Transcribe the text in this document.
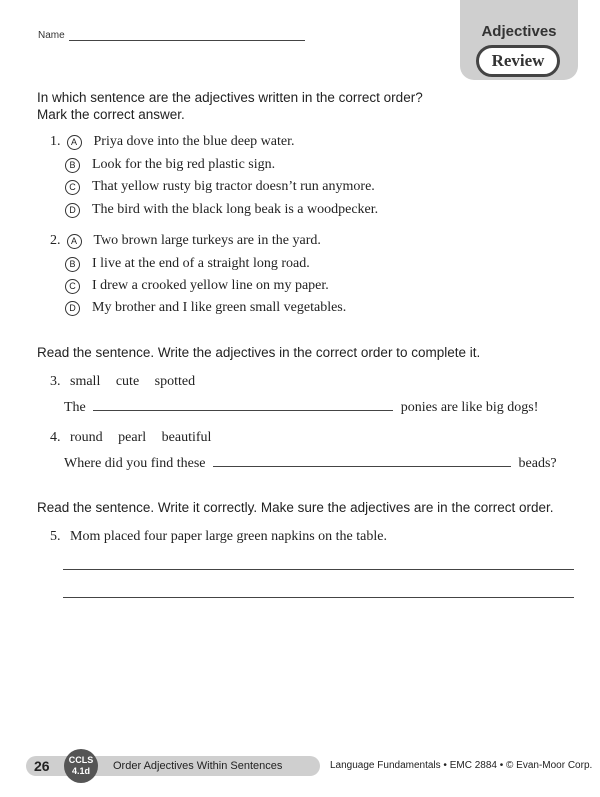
Name	Adjectives
Review
In which sentence are the adjectives written in the correct order?
Mark the correct answer.
1.	A	Priya dove into the blue deep water.
B	Look for the big red plastic sign.
C	That yellow rusty big tractor doesn’t run anymore.
D	The bird with the black long beak is a woodpecker.
2.	A	Two brown large turkeys are in the yard.
B	I live at the end of a straight long road.
C	I drew a crooked yellow line on my paper.
D	My brother and I like green small vegetables.
Read the sentence. Write the adjectives in the correct order to complete it.
3. small cute spotted
The	ponies are like big dogs!
4. round pearl beautiful
Where did you find these	beads?
Read the sentence. Write it correctly. Make sure the adjectives are in the correct order.
5. Mom placed four paper large green napkins on the table.
26	CCLS
4.1d	Order Adjectives Within Sentences	Language Fundamentals • EMC 2884 • © Evan-Moor Corp.
